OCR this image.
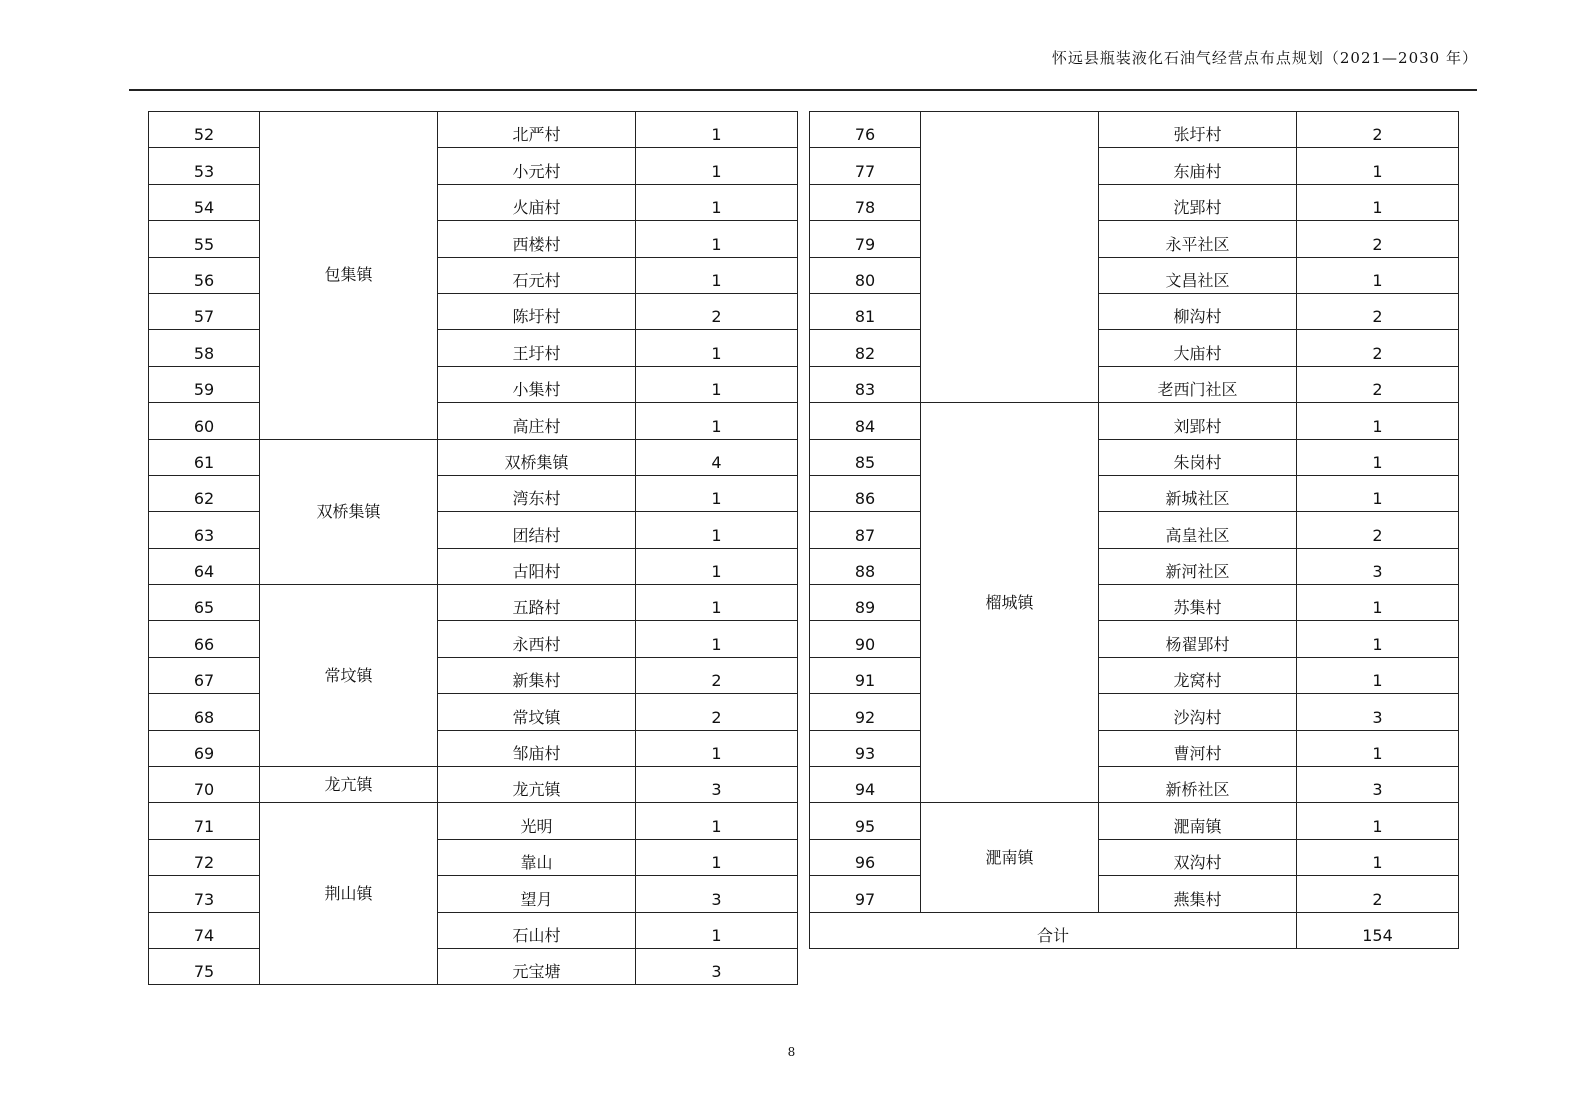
怀远县瓶装液化石油气经营点布点规划（2021—2030 年）
52	包集镇	北严村	1
53		小元村	1
54		火庙村	1
55		西楼村	1
56		石元村	1
57		陈圩村	2
58		王圩村	1
59		小集村	1
60		高庄村	1
61	双桥集镇	双桥集镇	4
62		湾东村	1
63		团结村	1
64		古阳村	1
65	常坟镇	五路村	1
66		永西村	1
67		新集村	2
68		常坟镇	2
69		邹庙村	1
70	龙亢镇	龙亢镇	3
71	荆山镇	光明	1
72		靠山	1
73		望月	3
74		石山村	1
75		元宝塘	3
76		张圩村	2
77		东庙村	1
78		沈郢村	1
79		永平社区	2
80		文昌社区	1
81		柳沟村	2
82		大庙村	2
83		老西门社区	2
84	榴城镇	刘郢村	1
85		朱岗村	1
86		新城社区	1
87		高皇社区	2
88		新河社区	3
89		苏集村	1
90		杨翟郢村	1
91		龙窝村	1
92		沙沟村	3
93		曹河村	1
94		新桥社区	3
95	淝南镇	淝南镇	1
96		双沟村	1
97		燕集村	2
合计			154
8
